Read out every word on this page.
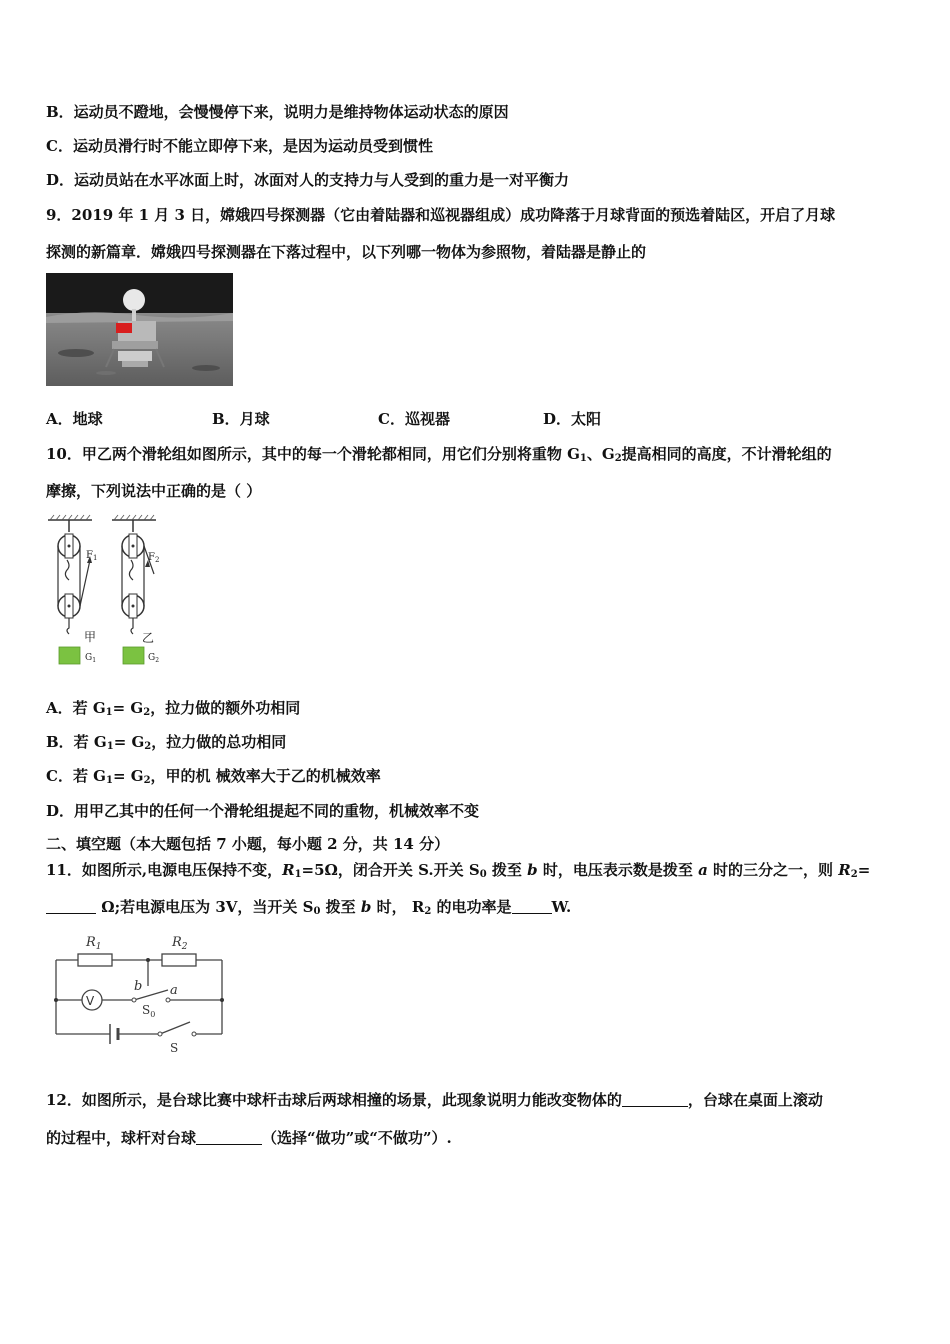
B．运动员不蹬地，会慢慢停下来，说明力是维持物体运动状态的原因
C．运动员滑行时不能立即停下来，是因为运动员受到惯性
D．运动员站在水平冰面上时，冰面对人的支持力与人受到的重力是一对平衡力
9．2019 年 1 月 3 日，嫦娥四号探测器（它由着陆器和巡视器组成）成功降落于月球背面的预选着陆区，开启了月球
探测的新篇章．嫦娥四号探测器在下落过程中，以下列哪一物体为参照物，着陆器是静止的
A．地球	B．月球	C．巡视器	D．太阳
10．甲乙两个滑轮组如图所示，其中的每一个滑轮都相同，用它们分别将重物 $G_1$、$G_2$提高相同的高度，不计滑轮组的
摩擦，下列说法中正确的是（ ）
$F_1$	$F_2$
甲	乙
$G_1$	$G_2$
A．若 $G_1= G_2$，拉力做的额外功相同
B．若 $G_1= G_2$，拉力做的总功相同
C．若 $G_1= G_2$，甲的机 械效率大于乙的机械效率
D．用甲乙其中的任何一个滑轮组提起不同的重物，机械效率不变
二、填空题（本大题包括 7 小题，每小题 2 分，共 14 分）
11．如图所示,电源电压保持不变，$R_1=5\Omega$，闭合开关 S.开关 $S_0$ 拨至 b 时，电压表示数是拨至 a 时的三分之一，则 $R_2=$
Ω;若电源电压为 3V，当开关 $S_0$ 拨至 b 时， $R_2$ 的电功率是	W.
$R_1$	$R_2$
V
b a
$S_0$
S
12．如图所示，是台球比赛中球杆击球后两球相撞的场景，此现象说明力能改变物体的	，台球在桌面上滚动
的过程中，球杆对台球	（选择“做功”或“不做功”）.
